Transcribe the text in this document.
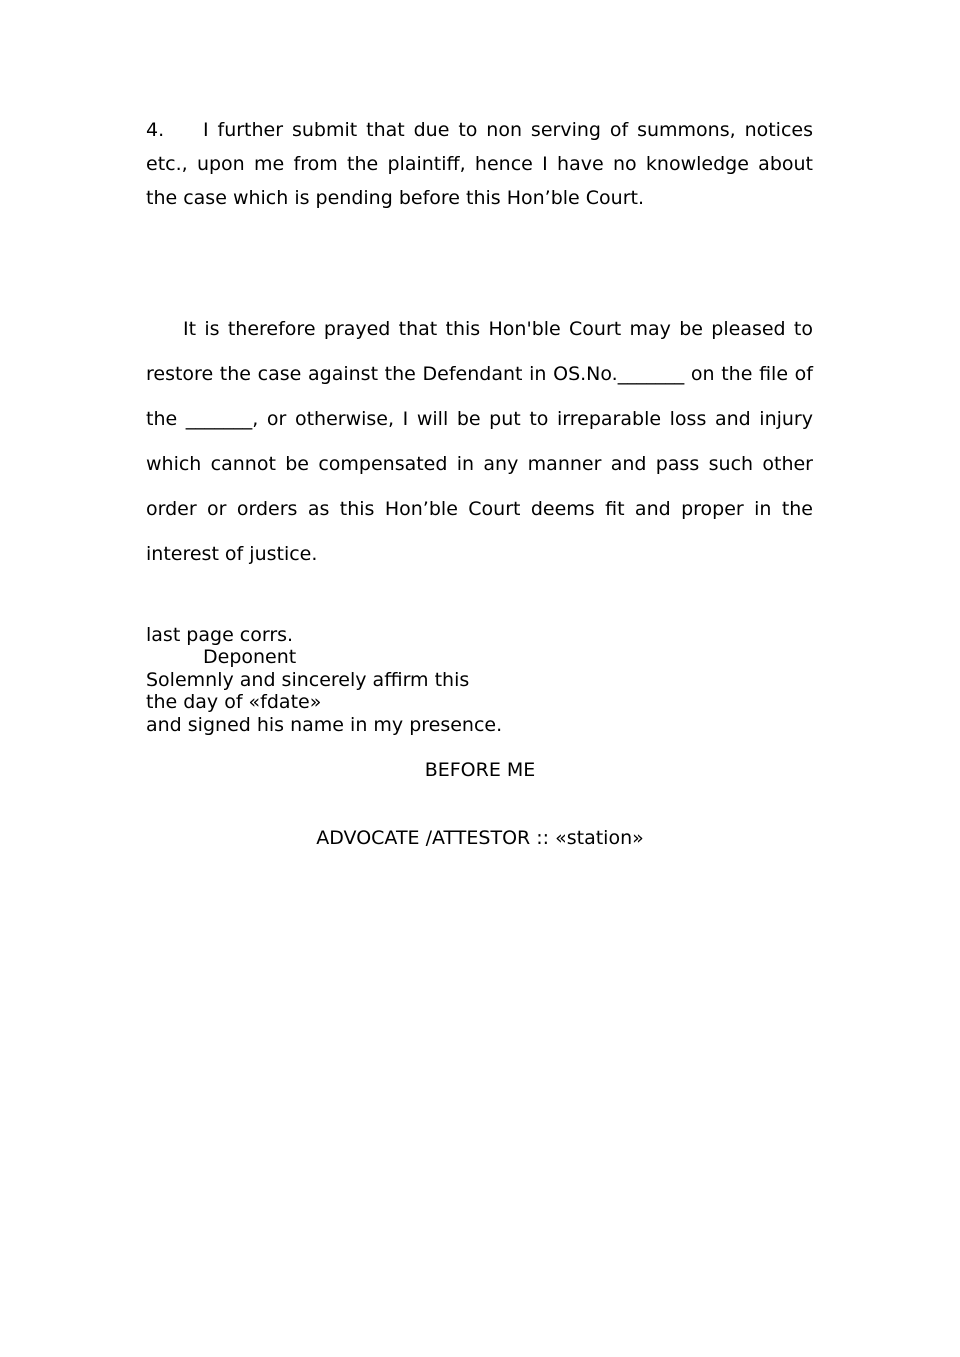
4. I further submit that due to non serving of summons, notices etc., upon me from the plaintiff, hence I have no knowledge about the case which is pending before this Hon’ble Court.

It is therefore prayed that this Hon'ble Court may be pleased to restore the case against the Defendant in OS.No._______ on the file of the _______, or otherwise, I will be put to irreparable loss and injury which cannot be compensated in any manner and pass such other order or orders as this Hon’ble Court deems fit and proper in the interest of justice.

last page corrs.

Deponent

Solemnly and sincerely affirm this

the day of «fdate»

and signed his name in my presence.

BEFORE ME

ADVOCATE /ATTESTOR :: «station»
